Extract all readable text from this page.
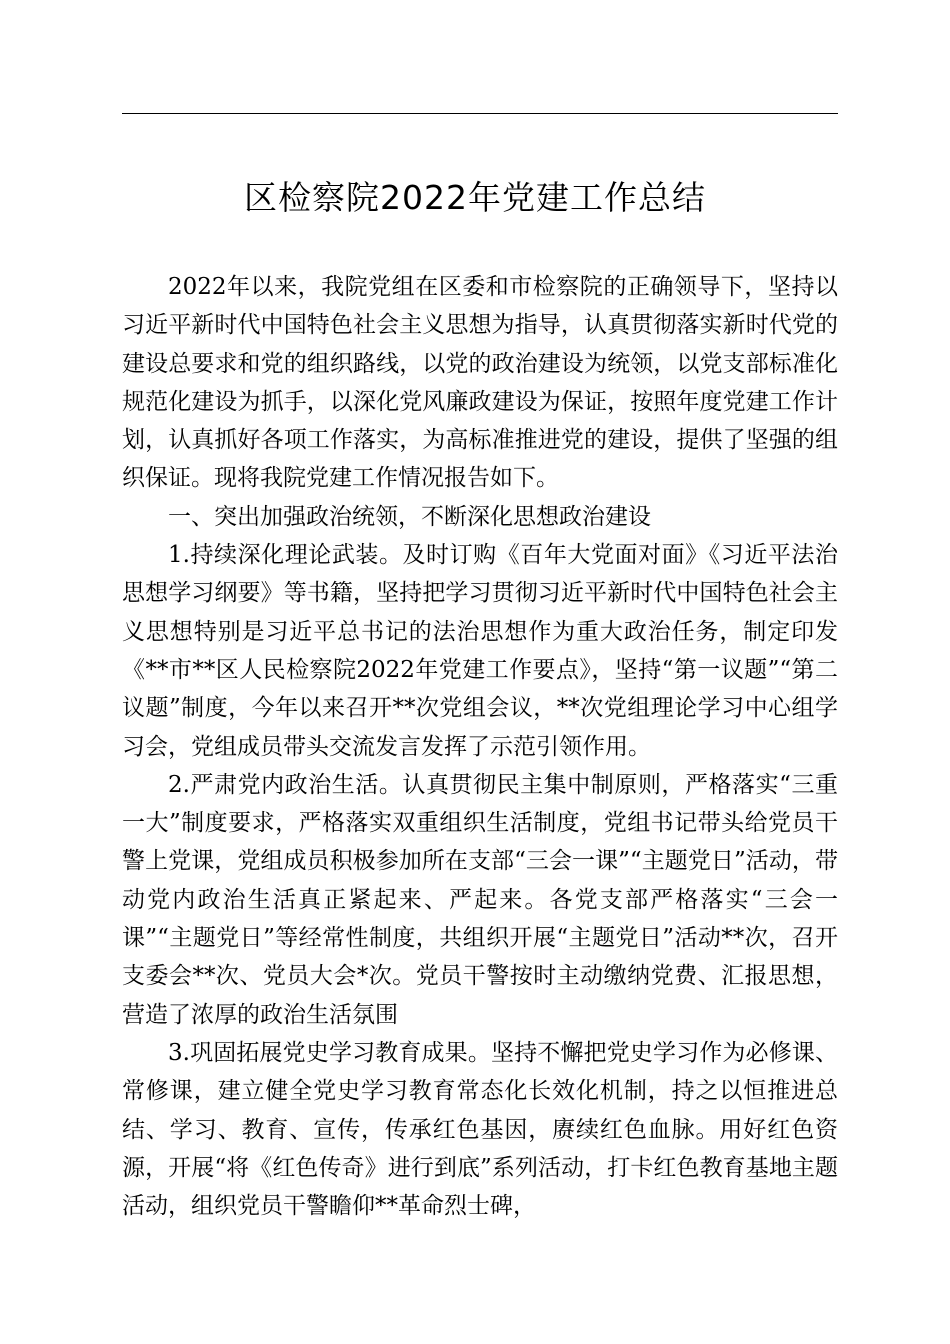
区检察院2022年党建工作总结

2022年以来，我院党组在区委和市检察院的正确领导下，坚持以习近平新时代中国特色社会主义思想为指导，认真贯彻落实新时代党的建设总要求和党的组织路线，以党的政治建设为统领，以党支部标准化规范化建设为抓手，以深化党风廉政建设为保证，按照年度党建工作计划，认真抓好各项工作落实，为高标准推进党的建设，提供了坚强的组织保证。现将我院党建工作情况报告如下。

一、突出加强政治统领，不断深化思想政治建设

1.持续深化理论武装。及时订购《百年大党面对面》《习近平法治思想学习纲要》等书籍，坚持把学习贯彻习近平新时代中国特色社会主义思想特别是习近平总书记的法治思想作为重大政治任务，制定印发《**市**区人民检察院2022年党建工作要点》，坚持“第一议题”“第二议题”制度，今年以来召开**次党组会议，**次党组理论学习中心组学习会，党组成员带头交流发言发挥了示范引领作用。

2.严肃党内政治生活。认真贯彻民主集中制原则，严格落实“三重一大”制度要求，严格落实双重组织生活制度，党组书记带头给党员干警上党课，党组成员积极参加所在支部“三会一课”“主题党日”活动，带动党内政治生活真正紧起来、严起来。各党支部严格落实“三会一课”“主题党日”等经常性制度，共组织开展“主题党日”活动**次，召开支委会**次、党员大会*次。党员干警按时主动缴纳党费、汇报思想，营造了浓厚的政治生活氛围

3.巩固拓展党史学习教育成果。坚持不懈把党史学习作为必修课、常修课，建立健全党史学习教育常态化长效化机制，持之以恒推进总结、学习、教育、宣传，传承红色基因，赓续红色血脉。用好红色资源，开展“将《红色传奇》进行到底”系列活动，打卡红色教育基地主题活动，组织党员干警瞻仰**革命烈士碑，
